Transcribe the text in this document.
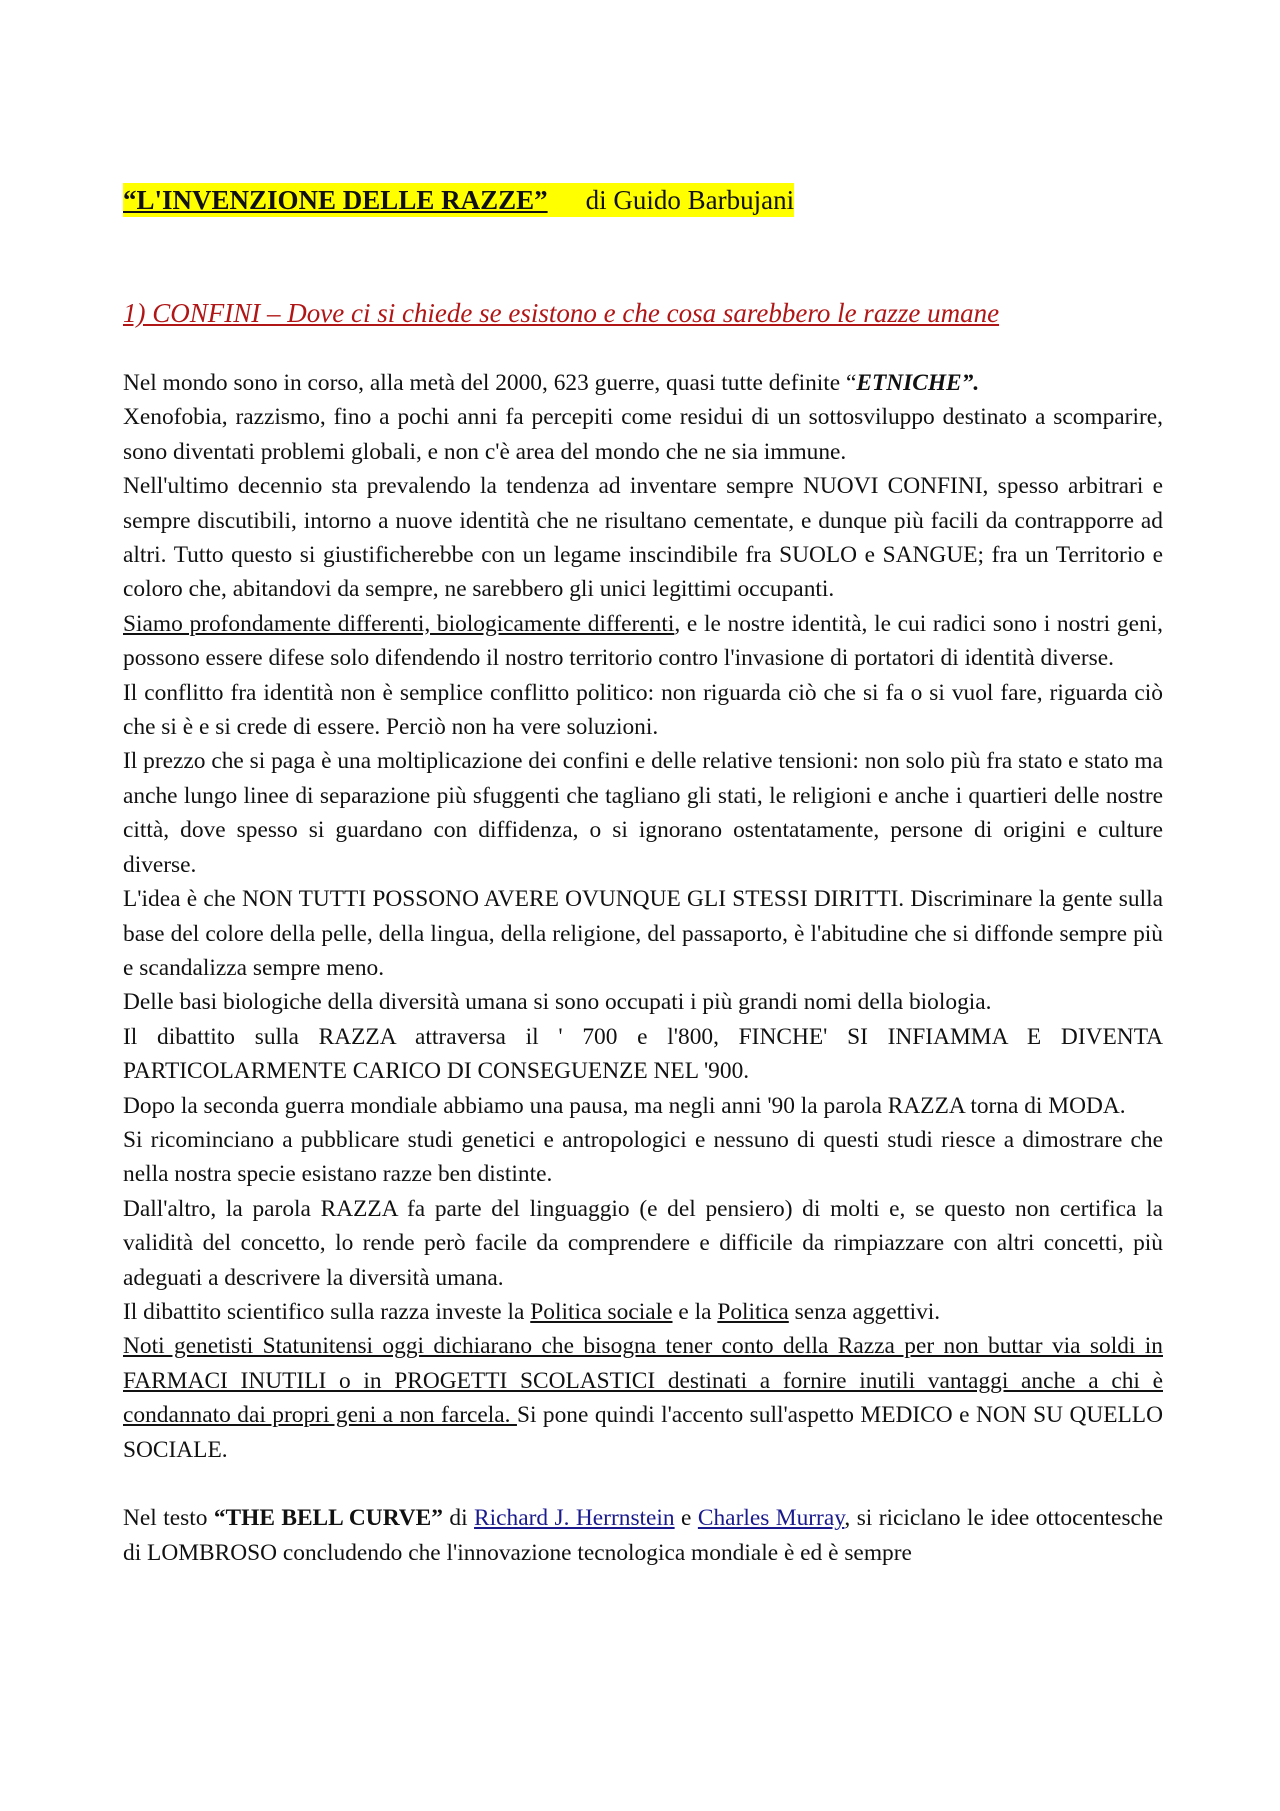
“L'INVENZIONE DELLE RAZZE” di Guido Barbujani
1) CONFINI – Dove ci si chiede se esistono e che cosa sarebbero le razze umane

Nel mondo sono in corso, alla metà del 2000, 623 guerre, quasi tutte definite “ETNICHE”.

Xenofobia, razzismo, fino a pochi anni fa percepiti come residui di un sottosviluppo destinato a scomparire, sono diventati problemi globali, e non c'è area del mondo che ne sia immune.

Nell'ultimo decennio sta prevalendo la tendenza ad inventare sempre NUOVI CONFINI, spesso arbitrari e sempre discutibili, intorno a nuove identità che ne risultano cementate, e dunque più facili da contrapporre ad altri. Tutto questo si giustificherebbe con un legame inscindibile fra SUOLO e SANGUE; fra un Territorio e coloro che, abitandovi da sempre, ne sarebbero gli unici legittimi occupanti.

Siamo profondamente differenti, biologicamente differenti, e le nostre identità, le cui radici sono i nostri geni, possono essere difese solo difendendo il nostro territorio contro l'invasione di portatori di identità diverse.

Il conflitto fra identità non è semplice conflitto politico: non riguarda ciò che si fa o si vuol fare, riguarda ciò che si è e si crede di essere. Perciò non ha vere soluzioni.

Il prezzo che si paga è una moltiplicazione dei confini e delle relative tensioni: non solo più fra stato e stato ma anche lungo linee di separazione più sfuggenti che tagliano gli stati, le religioni e anche i quartieri delle nostre città, dove spesso si guardano con diffidenza, o si ignorano ostentatamente, persone di origini e culture diverse.

L'idea è che NON TUTTI POSSONO AVERE OVUNQUE GLI STESSI DIRITTI. Discriminare la gente sulla base del colore della pelle, della lingua, della religione, del passaporto, è l'abitudine che si diffonde sempre più e scandalizza sempre meno.

Delle basi biologiche della diversità umana si sono occupati i più grandi nomi della biologia.

Il dibattito sulla RAZZA attraversa il ' 700 e l'800, FINCHE' SI INFIAMMA E DIVENTA PARTICOLARMENTE CARICO DI CONSEGUENZE NEL '900.

Dopo la seconda guerra mondiale abbiamo una pausa, ma negli anni '90 la parola RAZZA torna di MODA.

Si ricominciano a pubblicare studi genetici e antropologici e nessuno di questi studi riesce a dimostrare che nella nostra specie esistano razze ben distinte.

Dall'altro, la parola RAZZA fa parte del linguaggio (e del pensiero) di molti e, se questo non certifica la validità del concetto, lo rende però facile da comprendere e difficile da rimpiazzare con altri concetti, più adeguati a descrivere la diversità umana.

Il dibattito scientifico sulla razza investe la Politica sociale e la Politica senza aggettivi.

Noti genetisti Statunitensi oggi dichiarano che bisogna tener conto della Razza per non buttar via soldi in FARMACI INUTILI o in PROGETTI SCOLASTICI destinati a fornire inutili vantaggi anche a chi è condannato dai propri geni a non farcela. Si pone quindi l'accento sull'aspetto MEDICO e NON SU QUELLO SOCIALE.

Nel testo “THE BELL CURVE” di Richard J. Herrnstein e Charles Murray, si riciclano le idee ottocentesche di LOMBROSO concludendo che l'innovazione tecnologica mondiale è ed è sempre
